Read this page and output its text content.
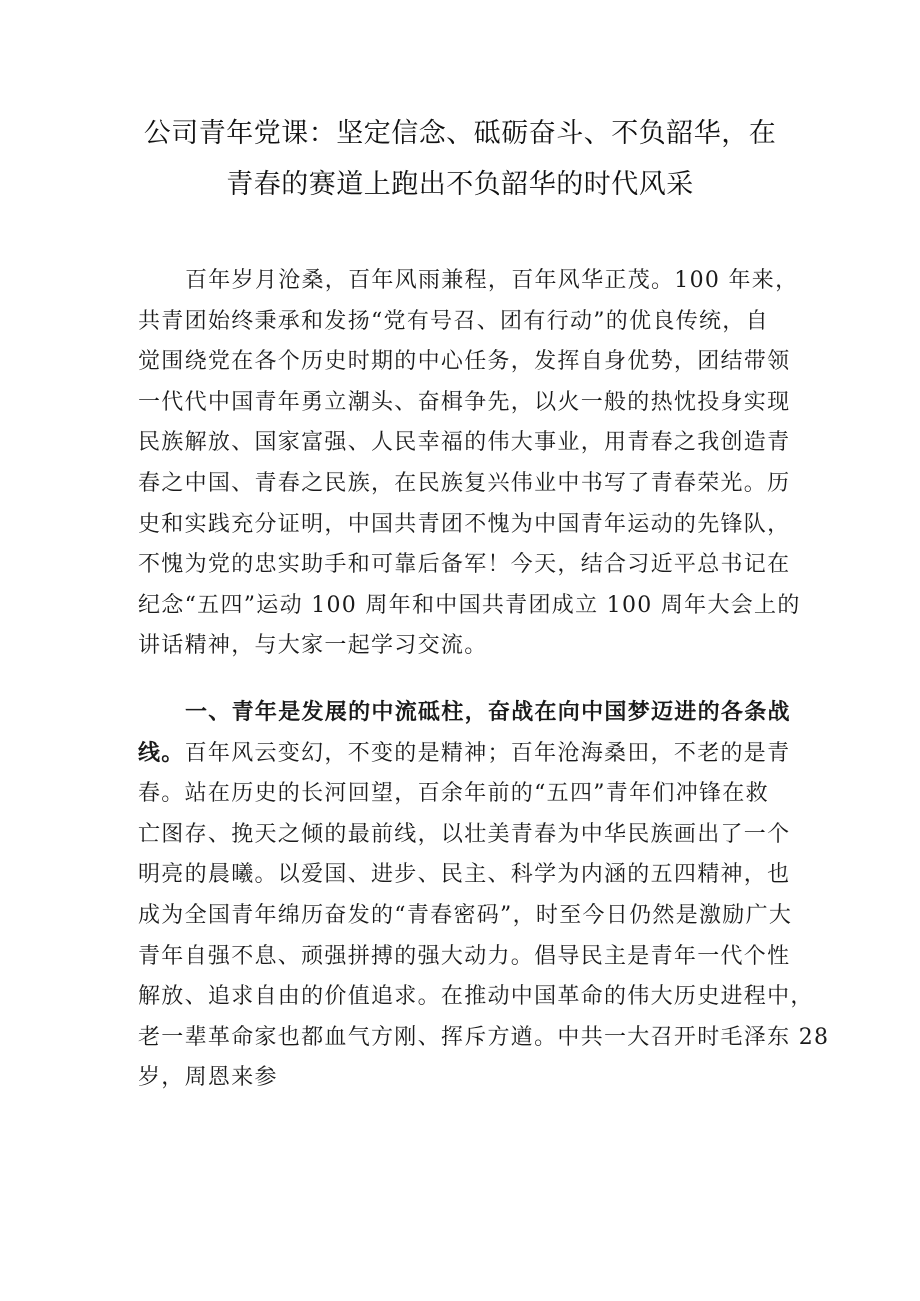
公司青年党课：坚定信念、砥砺奋斗、不负韶华，在
青春的赛道上跑出不负韶华的时代风采
百年岁月沧桑，百年风雨兼程，百年风华正茂。100 年来，
共青团始终秉承和发扬“党有号召、团有行动”的优良传统，自
觉围绕党在各个历史时期的中心任务，发挥自身优势，团结带领
一代代中国青年勇立潮头、奋楫争先，以火一般的热忱投身实现
民族解放、国家富强、人民幸福的伟大事业，用青春之我创造青
春之中国、青春之民族，在民族复兴伟业中书写了青春荣光。历
史和实践充分证明，中国共青团不愧为中国青年运动的先锋队，
不愧为党的忠实助手和可靠后备军！今天，结合习近平总书记在
纪念“五四”运动 100 周年和中国共青团成立 100 周年大会上的
讲话精神，与大家一起学习交流。
一、青年是发展的中流砥柱，奋战在向中国梦迈进的各条战
线。百年风云变幻，不变的是精神；百年沧海桑田，不老的是青
春。站在历史的长河回望，百余年前的“五四”青年们冲锋在救
亡图存、挽天之倾的最前线，以壮美青春为中华民族画出了一个
明亮的晨曦。以爱国、进步、民主、科学为内涵的五四精神，也
成为全国青年绵历奋发的“青春密码”，时至今日仍然是激励广大
青年自强不息、顽强拼搏的强大动力。倡导民主是青年一代个性
解放、追求自由的价值追求。在推动中国革命的伟大历史进程中，
老一辈革命家也都血气方刚、挥斥方遒。中共一大召开时毛泽东 28
岁，周恩来参
